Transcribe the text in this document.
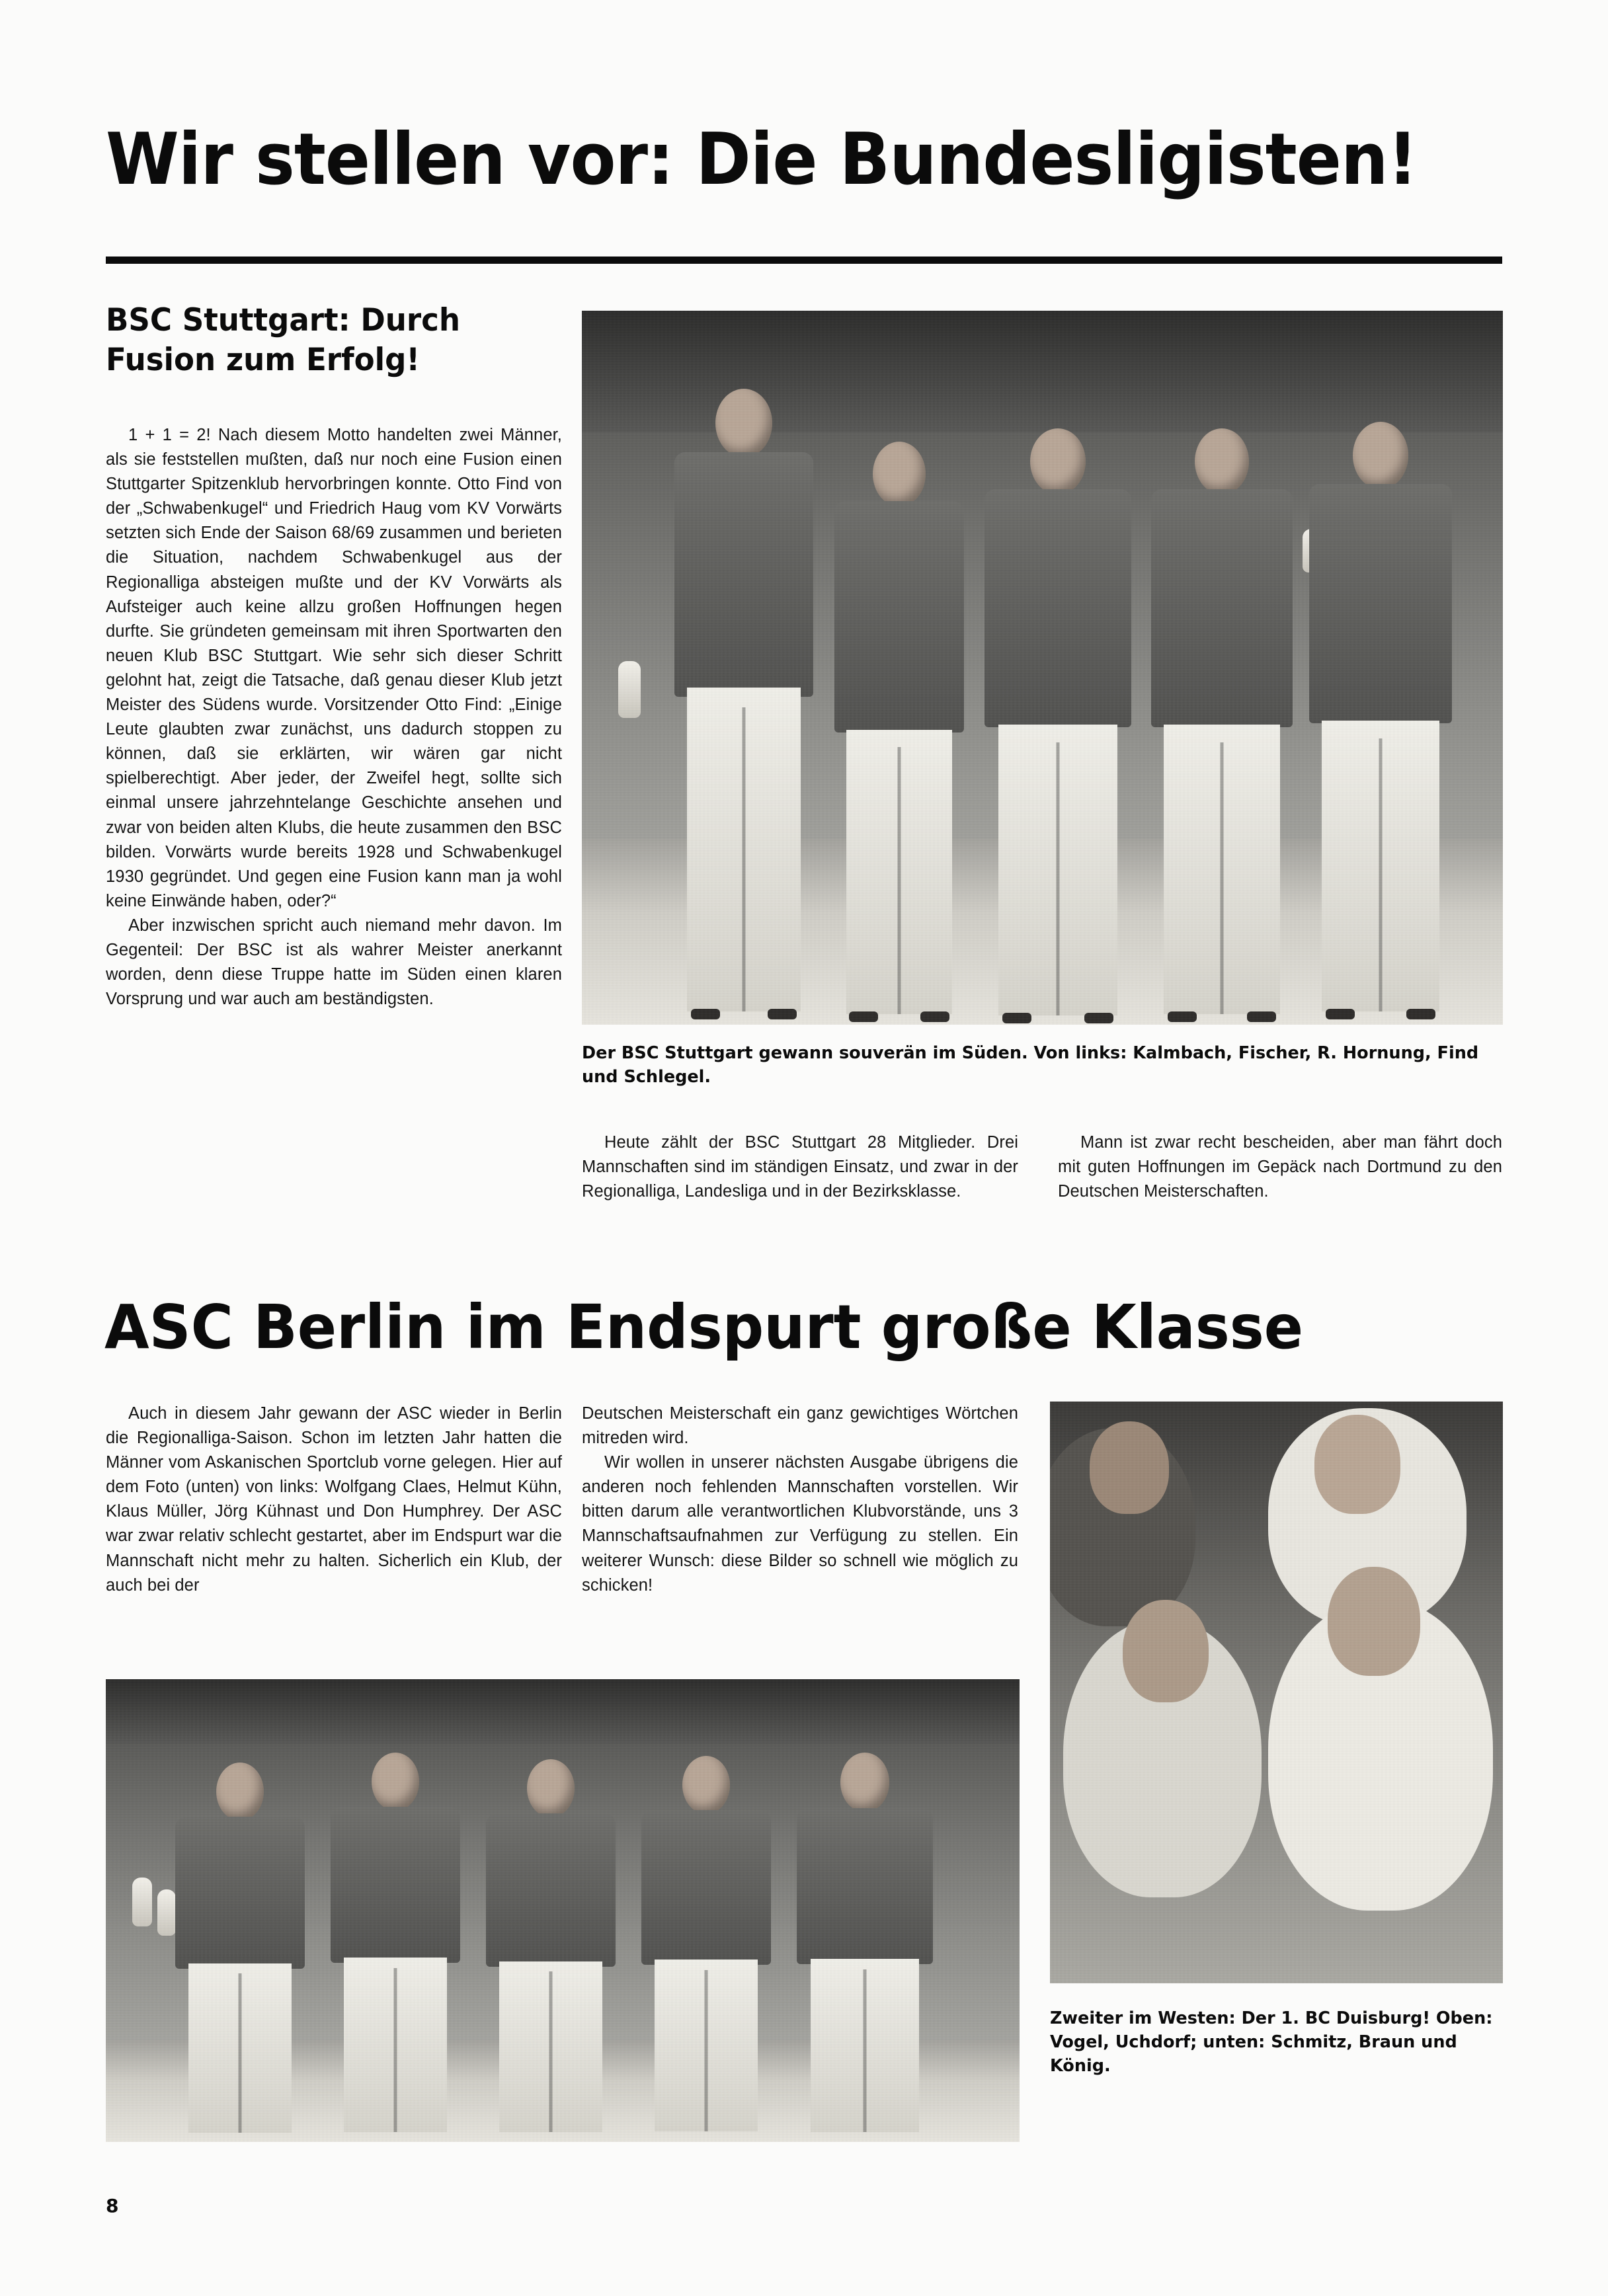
Wir stellen vor: Die Bundesligisten!
BSC Stuttgart: Durch Fusion zum Erfolg!

1 + 1 = 2! Nach diesem Motto handelten zwei Männer, als sie feststellen mußten, daß nur noch eine Fusion einen Stuttgarter Spitzenklub hervorbringen konnte. Otto Find von der „Schwabenkugel“ und Friedrich Haug vom KV Vorwärts setzten sich Ende der Saison 68/69 zusammen und berieten die Situation, nachdem Schwabenkugel aus der Regionalliga absteigen mußte und der KV Vorwärts als Aufsteiger auch keine allzu großen Hoffnungen hegen durfte. Sie gründeten gemeinsam mit ihren Sportwarten den neuen Klub BSC Stuttgart. Wie sehr sich dieser Schritt gelohnt hat, zeigt die Tatsache, daß genau dieser Klub jetzt Meister des Südens wurde. Vorsitzender Otto Find: „Einige Leute glaubten zwar zunächst, uns dadurch stoppen zu können, daß sie erklärten, wir wären gar nicht spielberechtigt. Aber jeder, der Zweifel hegt, sollte sich einmal unsere jahrzehntelange Geschichte ansehen und zwar von beiden alten Klubs, die heute zusammen den BSC bilden. Vorwärts wurde bereits 1928 und Schwabenkugel 1930 gegründet. Und gegen eine Fusion kann man ja wohl keine Einwände haben, oder?“

Aber inzwischen spricht auch niemand mehr davon. Im Gegenteil: Der BSC ist als wahrer Meister anerkannt worden, denn diese Truppe hatte im Süden einen klaren Vorsprung und war auch am beständigsten.

Der BSC Stuttgart gewann souverän im Süden. Von links: Kalmbach, Fischer, R. Hornung, Find und Schlegel.

Heute zählt der BSC Stuttgart 28 Mitglieder. Drei Mannschaften sind im ständigen Einsatz, und zwar in der Regionalliga, Landesliga und in der Bezirksklasse.

Mann ist zwar recht bescheiden, aber man fährt doch mit guten Hoffnungen im Gepäck nach Dortmund zu den Deutschen Meisterschaften.

ASC Berlin im Endspurt große Klasse

Auch in diesem Jahr gewann der ASC wieder in Berlin die Regionalliga-Saison. Schon im letzten Jahr hatten die Männer vom Askanischen Sportclub vorne gelegen. Hier auf dem Foto (unten) von links: Wolfgang Claes, Helmut Kühn, Klaus Müller, Jörg Kühnast und Don Humphrey. Der ASC war zwar relativ schlecht gestartet, aber im Endspurt war die Mannschaft nicht mehr zu halten. Sicherlich ein Klub, der auch bei der

Deutschen Meisterschaft ein ganz gewichtiges Wörtchen mitreden wird.

Wir wollen in unserer nächsten Ausgabe übrigens die anderen noch fehlenden Mannschaften vorstellen. Wir bitten darum alle verantwortlichen Klubvorstände, uns 3 Mannschaftsaufnahmen zur Verfügung zu stellen. Ein weiterer Wunsch: diese Bilder so schnell wie möglich zu schicken!

Zweiter im Westen: Der 1. BC Duisburg! Oben: Vogel, Uchdorf; unten: Schmitz, Braun und König.
8
